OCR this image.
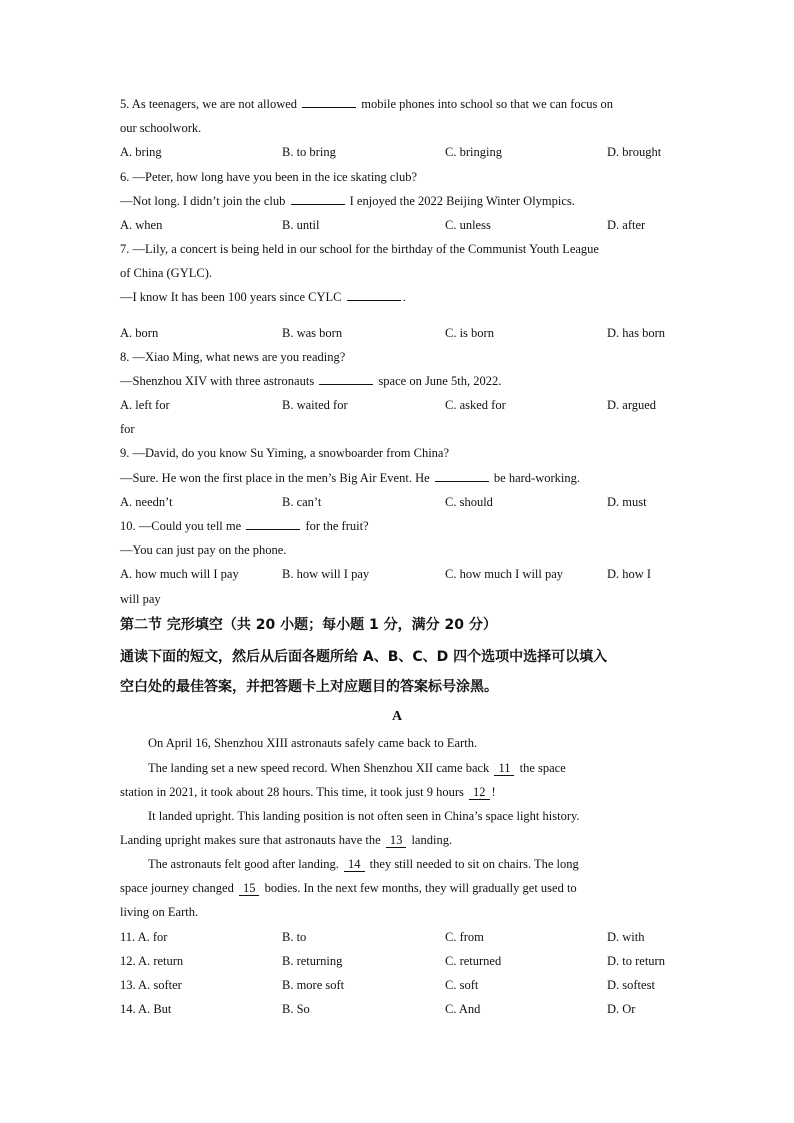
5. As teenagers, we are not allowed	mobile phones into school so that we can focus on
our schoolwork.
A. bring	B. to bring	C. bringing	D. brought
6. —Peter, how long have you been in the ice skating club?
—Not long. I didn’t join the club	I enjoyed the 2022 Beijing Winter Olympics.
A. when	B. until	C. unless	D. after
7. —Lily, a concert is being held in our school for the birthday of the Communist Youth League
of China (GYLC).
—I know It has been 100 years since CYLC	.
A. born	B. was born	C. is born	D. has born
8. —Xiao Ming, what news are you reading?
—Shenzhou XIV with three astronauts	space on June 5th, 2022.
A. left for	B. waited for	C. asked for	D. argued
for
9. —David, do you know Su Yiming, a snowboarder from China?
—Sure. He won the first place in the men’s Big Air Event. He	be hard-working.
A. needn’t	B. can’t	C. should	D. must
10. —Could you tell me	for the fruit?
—You can just pay on the phone.
A. how much will I pay	B. how will I pay	C. how much I will pay	D. how I
will pay
第二节 完形填空（共 20 小题；每小题 1 分，满分 20 分）
通读下面的短文，然后从后面各题所给 A、B、C、D 四个选项中选择可以填入
空白处的最佳答案，并把答题卡上对应题目的答案标号涂黑。
A
On April 16, Shenzhou XIII astronauts safely came back to Earth.
The landing set a new speed record. When Shenzhou XII came back 11 the space
station in 2021, it took about 28 hours. This time, it took just 9 hours 12 !
It landed upright. This landing position is not often seen in China’s space light history.
Landing upright makes sure that astronauts have the 13 landing.
The astronauts felt good after landing. 14 they still needed to sit on chairs. The long
space journey changed 15 bodies. In the next few months, they will gradually get used to
living on Earth.
11. A. for	B. to	C. from	D. with
12. A. return	B. returning	C. returned	D. to return
13. A. softer	B. more soft	C. soft	D. softest
14. A. But	B. So	C. And	D. Or
